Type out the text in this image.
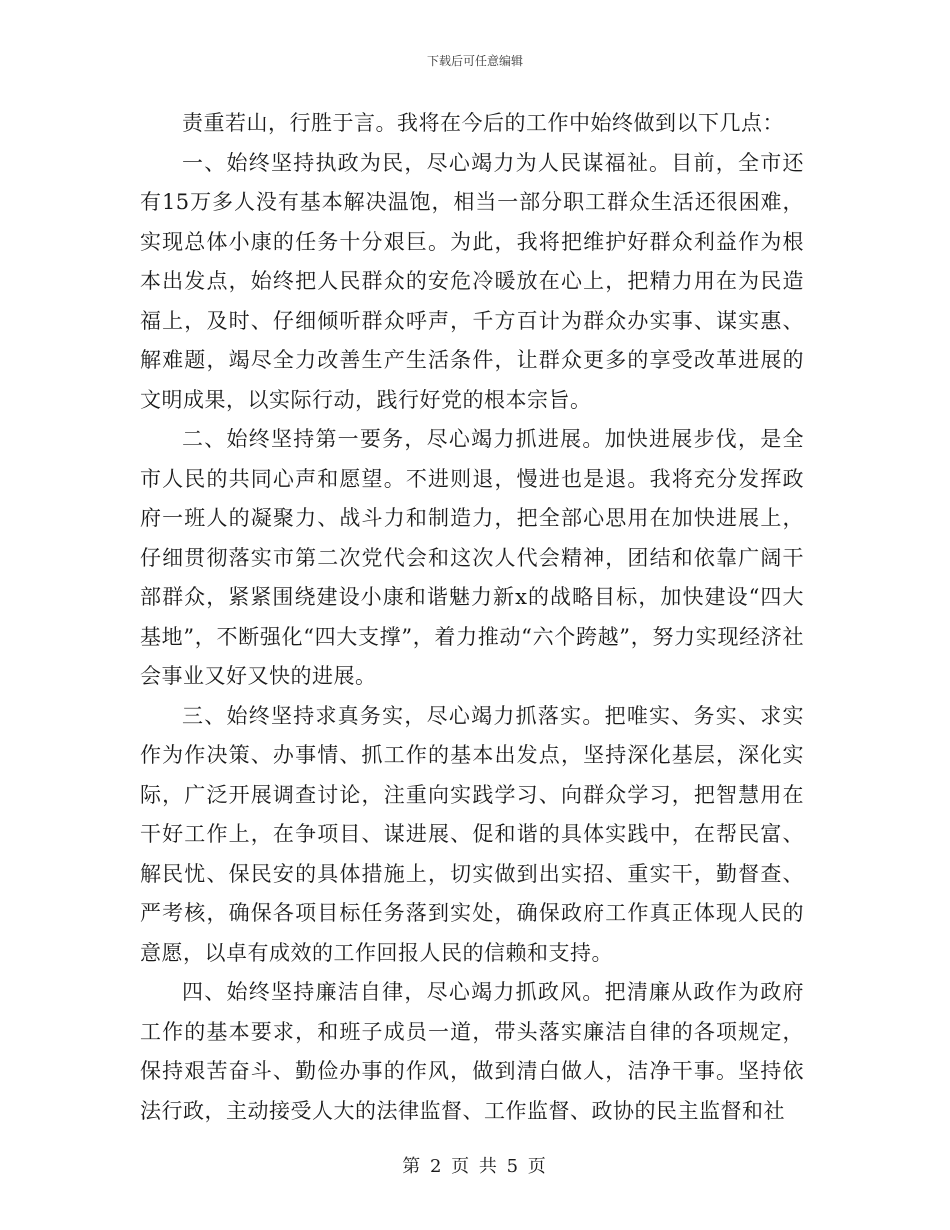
下载后可任意编辑

责重若山，行胜于言。我将在今后的工作中始终做到以下几点：

一、始终坚持执政为民，尽心竭力为人民谋福祉。目前，全市还有15万多人没有基本解决温饱，相当一部分职工群众生活还很困难，实现总体小康的任务十分艰巨。为此，我将把维护好群众利益作为根本出发点，始终把人民群众的安危冷暖放在心上，把精力用在为民造福上，及时、仔细倾听群众呼声，千方百计为群众办实事、谋实惠、解难题，竭尽全力改善生产生活条件，让群众更多的享受改革进展的文明成果，以实际行动，践行好党的根本宗旨。

二、始终坚持第一要务，尽心竭力抓进展。加快进展步伐，是全市人民的共同心声和愿望。不进则退，慢进也是退。我将充分发挥政府一班人的凝聚力、战斗力和制造力，把全部心思用在加快进展上，仔细贯彻落实市第二次党代会和这次人代会精神，团结和依靠广阔干部群众，紧紧围绕建设小康和谐魅力新x的战略目标，加快建设“四大基地”，不断强化“四大支撑”，着力推动“六个跨越”，努力实现经济社会事业又好又快的进展。

三、始终坚持求真务实，尽心竭力抓落实。把唯实、务实、求实作为作决策、办事情、抓工作的基本出发点，坚持深化基层，深化实际，广泛开展调查讨论，注重向实践学习、向群众学习，把智慧用在干好工作上，在争项目、谋进展、促和谐的具体实践中，在帮民富、解民忧、保民安的具体措施上，切实做到出实招、重实干，勤督查、严考核，确保各项目标任务落到实处，确保政府工作真正体现人民的意愿，以卓有成效的工作回报人民的信赖和支持。

四、始终坚持廉洁自律，尽心竭力抓政风。把清廉从政作为政府工作的基本要求，和班子成员一道，带头落实廉洁自律的各项规定，保持艰苦奋斗、勤俭办事的作风，做到清白做人，洁净干事。坚持依法行政，主动接受人大的法律监督、工作监督、政协的民主监督和社

第 2 页 共 5 页
